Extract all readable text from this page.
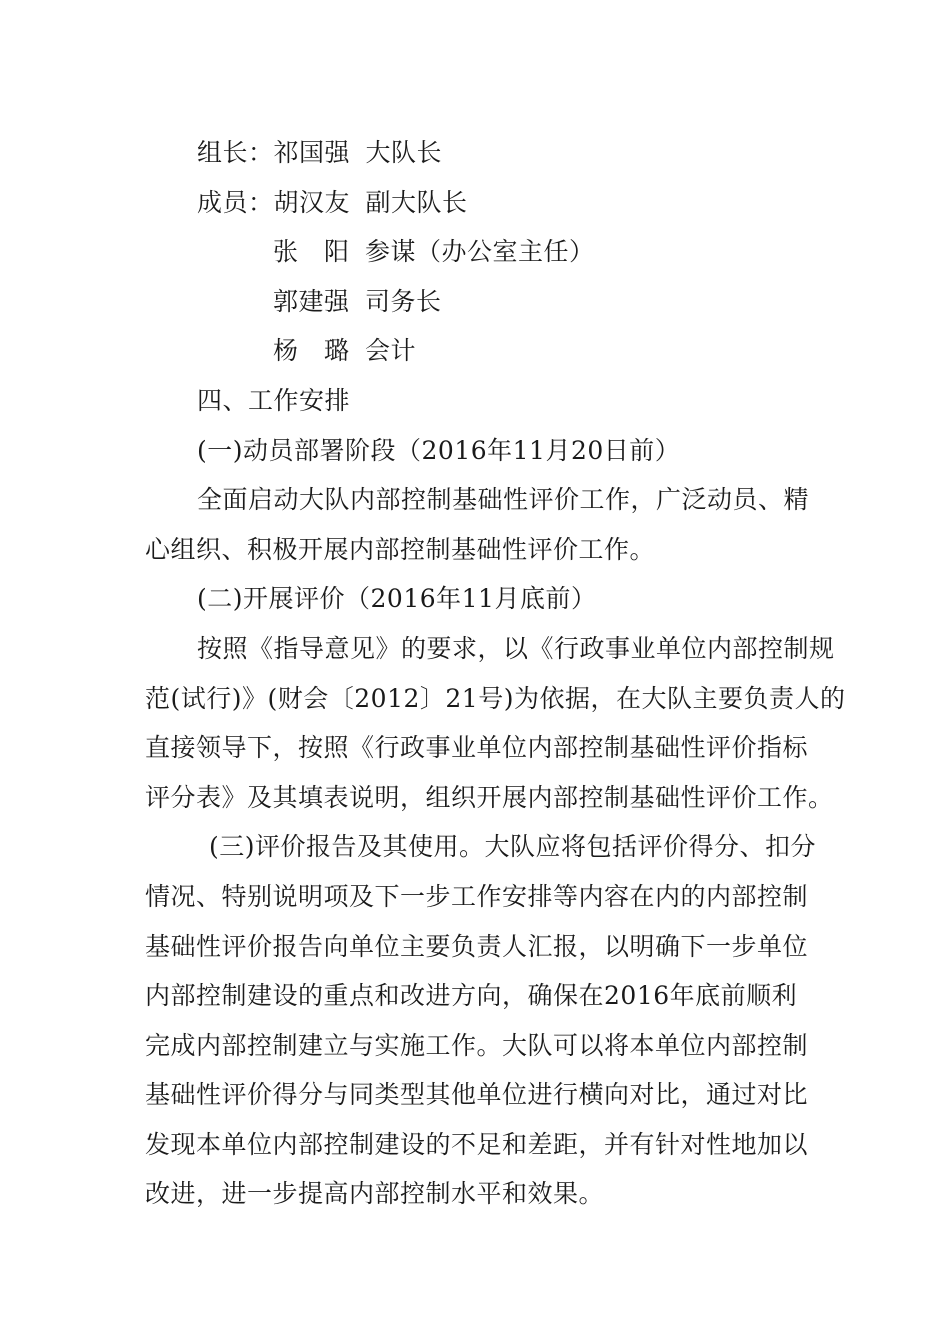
组长：祁国强 大队长
成员：胡汉友 副大队长
张　阳 参谋（办公室主任）
郭建强 司务长
杨　璐 会计
四、工作安排
(一)动员部署阶段（2016年11月20日前）
全面启动大队内部控制基础性评价工作，广泛动员、精
心组织、积极开展内部控制基础性评价工作。
(二)开展评价（2016年11月底前）
按照《指导意见》的要求，以《行政事业单位内部控制规
范(试行)》(财会〔2012〕21号)为依据，在大队主要负责人的
直接领导下，按照《行政事业单位内部控制基础性评价指标
评分表》及其填表说明，组织开展内部控制基础性评价工作。
(三)评价报告及其使用。大队应将包括评价得分、扣分
情况、特别说明项及下一步工作安排等内容在内的内部控制
基础性评价报告向单位主要负责人汇报，以明确下一步单位
内部控制建设的重点和改进方向，确保在2016年底前顺利
完成内部控制建立与实施工作。大队可以将本单位内部控制
基础性评价得分与同类型其他单位进行横向对比，通过对比
发现本单位内部控制建设的不足和差距，并有针对性地加以
改进，进一步提高内部控制水平和效果。
